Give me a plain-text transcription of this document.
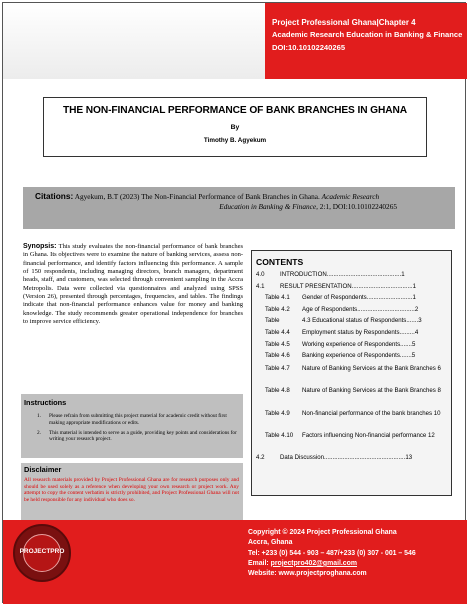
Project Professional Ghana|Chapter 4
Academic Research Education in Banking & Finance
DOI:10.10102240265
THE NON-FINANCIAL PERFORMANCE OF BANK BRANCHES IN GHANA
By
Timothy B. Agyekum
Citations: Agyekum, B.T (2023) The Non-Financial Performance of Bank Branches in Ghana. Academic Research
Education in Banking & Finance, 2:1, DOI:10.10102240265
Synopsis: This study evaluates the non-financial performance of bank branches in Ghana. Its objectives were to examine the nature of banking services, assess non-financial performance, and identify factors influencing this performance. A sample of 150 respondents, including managing directors, branch managers, department heads, staff, and customers, was selected through convenient sampling in the Accra Metropolis. Data were collected via questionnaires and analyzed using SPSS (Version 26), presented through percentages, frequencies, and tables. The findings indicate that non-financial performance enhances value for money and banking knowledge. The study recommends greater operational independence for branches to improve service efficiency.
Instructions
1.	Please refrain from submitting this project material for academic credit without first making appropriate modifications or edits.
2.	This material is intended to serve as a guide, providing key points and considerations for writing your research project.
Disclaimer

All research materials provided by Project Professional Ghana are for research purposes only and should be used solely as a reference when developing your own research or project work. Any attempt to copy the content verbatim is strictly prohibited, and Project Professional Ghana will not be held responsible for any individual who does so.

CONTENTS
4.0	INTRODUCTION............................................1
4.1	RESULT PRESENTATION....................................1
Table 4.1	Gender of Respondents...........................1
Table 4.2	Age of Respondents..................................2
Table	4.3 Educational status of Respondents.......3
Table 4.4	Employment status by Respondents.........4
Table 4.5	Working experience of Respondents.......5
Table 4.6	Banking experience of Respondents.......5
Table 4.7	Nature of Banking Services at the Bank Branches 6
Table 4.8	Nature of Banking Services at the Bank Branches 8
Table 4.9	Non-financial performance of the bank branches 10
Table 4.10	Factors influencing Non-financial performance 12
4.2	Data Discussion................................................13
PROJECTPRO
Copyright © 2024 Project Professional Ghana
Accra, Ghana
Tel: +233 (0) 544 - 903 – 487/+233 (0) 307 - 001 – 546
Email: projectpro402@gmail.com
Website: www.projectproghana.com
